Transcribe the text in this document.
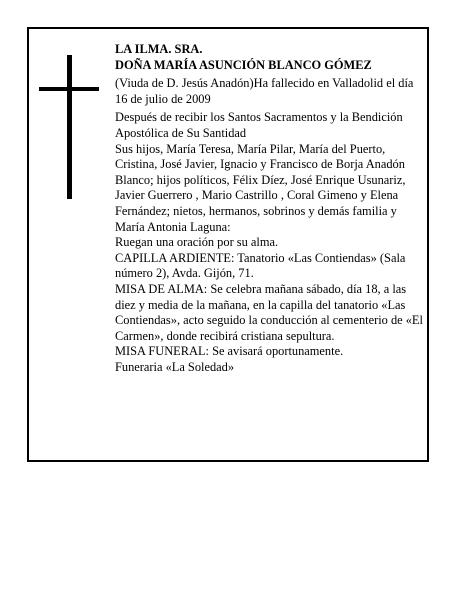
LA ILMA. SRA.

DOÑA MARÍA ASUNCIÓN BLANCO GÓMEZ

(Viuda de D. Jesús Anadón)Ha fallecido en Valladolid el día 16 de julio de 2009

Después de recibir los Santos Sacramentos y la Bendición Apostólica de Su Santidad

Sus hijos, María Teresa, María Pilar, María del Puerto, Cristina, José Javier, Ignacio y Francisco de Borja Anadón Blanco; hijos políticos, Félix Díez, José Enrique Usunariz, Javier Guerrero , Mario Castrillo , Coral Gimeno y Elena Fernández; nietos, hermanos, sobrinos y demás familia y María Antonia Laguna:

Ruegan una oración por su alma.

CAPILLA ARDIENTE: Tanatorio «Las Contiendas» (Sala número 2), Avda. Gijón, 71.

MISA DE ALMA: Se celebra mañana sábado, día 18, a las diez y media de la mañana, en la capilla del tanatorio «Las Contiendas», acto seguido la conducción al cementerio de «El Carmen», donde recibirá cristiana sepultura.

MISA FUNERAL: Se avisará oportunamente.

Funeraria «La Soledad»
